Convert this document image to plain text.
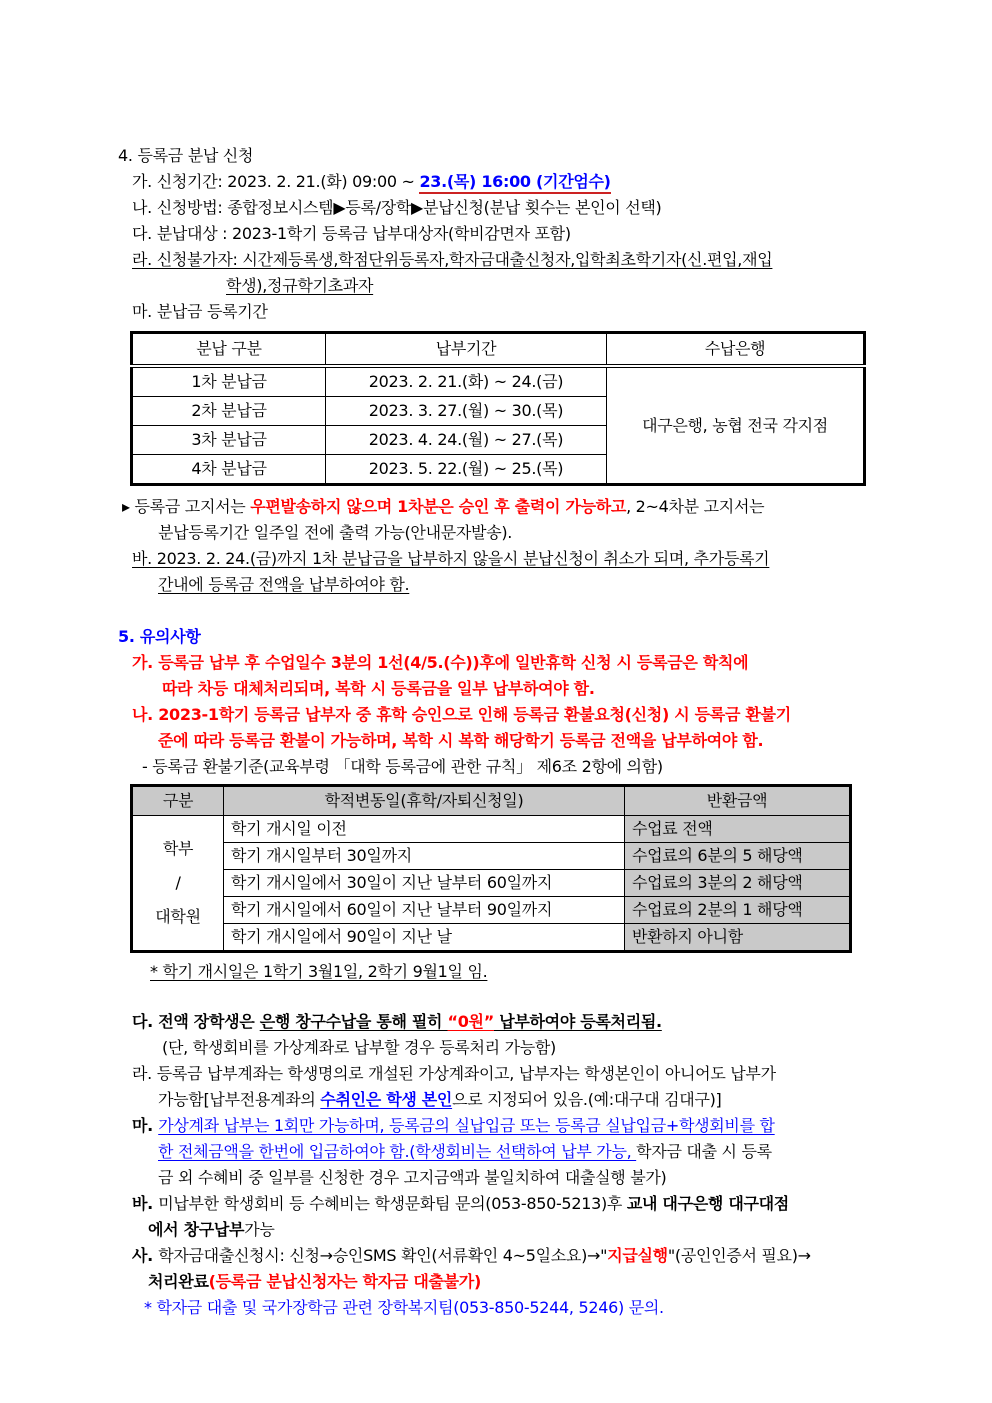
4. 등록금 분납 신청
가. 신청기간: 2023. 2. 21.(화) 09:00 ~ 23.(목) 16:00 (기간엄수)
나. 신청방법: 종합정보시스템▶등록/장학▶분납신청(분납 횟수는 본인이 선택)
다. 분납대상 : 2023-1학기 등록금 납부대상자(학비감면자 포함)
라. 신청불가자: 시간제등록생,학점단위등록자,학자금대출신청자,입학최초학기자(신.편입,재입
학생),정규학기초과자
마. 분납금 등록기간
분납 구분	납부기간	수납은행
1차 분납금	2023. 2. 21.(화) ~ 24.(금)	대구은행, 농협 전국 각지점
2차 분납금	2023. 3. 27.(월) ~ 30.(목)	
3차 분납금	2023. 4. 24.(월) ~ 27.(목)	
4차 분납금	2023. 5. 22.(월) ~ 25.(목)	
▸ 등록금 고지서는 우편발송하지 않으며 1차분은 승인 후 출력이 가능하고, 2~4차분 고지서는
분납등록기간 일주일 전에 출력 가능(안내문자발송).
바. 2023. 2. 24.(금)까지 1차 분납금을 납부하지 않을시 분납신청이 취소가 되며, 추가등록기
간내에 등록금 전액을 납부하여야 함.
5. 유의사항
가. 등록금 납부 후 수업일수 3분의 1선(4/5.(수))후에 일반휴학 신청 시 등록금은 학칙에
따라 차등 대체처리되며, 복학 시 등록금을 일부 납부하여야 함.
나. 2023-1학기 등록금 납부자 중 휴학 승인으로 인해 등록금 환불요청(신청) 시 등록금 환불기
준에 따라 등록금 환불이 가능하며, 복학 시 복학 해당학기 등록금 전액을 납부하여야 함.
- 등록금 환불기준(교육부령 「대학 등록금에 관한 규칙」 제6조 2항에 의함)
구분	학적변동일(휴학/자퇴신청일)	반환금액

학부
/
대학원	학기 개시일 이전	수업료 전액
	학기 개시일부터 30일까지	수업료의 6분의 5 해당액
	학기 개시일에서 30일이 지난 날부터 60일까지	수업료의 3분의 2 해당액
	학기 개시일에서 60일이 지난 날부터 90일까지	수업료의 2분의 1 해당액
	학기 개시일에서 90일이 지난 날	반환하지 아니함
* 학기 개시일은 1학기 3월1일, 2학기 9월1일 임.
다. 전액 장학생은 은행 창구수납을 통해 필히 “0원” 납부하여야 등록처리됨.
(단, 학생회비를 가상계좌로 납부할 경우 등록처리 가능함)
라. 등록금 납부계좌는 학생명의로 개설된 가상계좌이고, 납부자는 학생본인이 아니어도 납부가
가능함[납부전용계좌의 수취인은 학생 본인으로 지정되어 있음.(예:대구대 김대구)]
마. 가상계좌 납부는 1회만 가능하며, 등록금의 실납입금 또는 등록금 실납입금+학생회비를 합
한 전체금액을 한번에 입금하여야 함.(학생회비는 선택하여 납부 가능, 학자금 대출 시 등록
금 외 수혜비 중 일부를 신청한 경우 고지금액과 불일치하여 대출실행 불가)
바. 미납부한 학생회비 등 수혜비는 학생문화팀 문의(053-850-5213)후 교내 대구은행 대구대점
에서 창구납부가능
사. 학자금대출신청시: 신청→승인SMS 확인(서류확인 4~5일소요)→"지급실행"(공인인증서 필요)→
처리완료(등록금 분납신청자는 학자금 대출불가)
* 학자금 대출 및 국가장학금 관련 장학복지팀(053-850-5244, 5246) 문의.
